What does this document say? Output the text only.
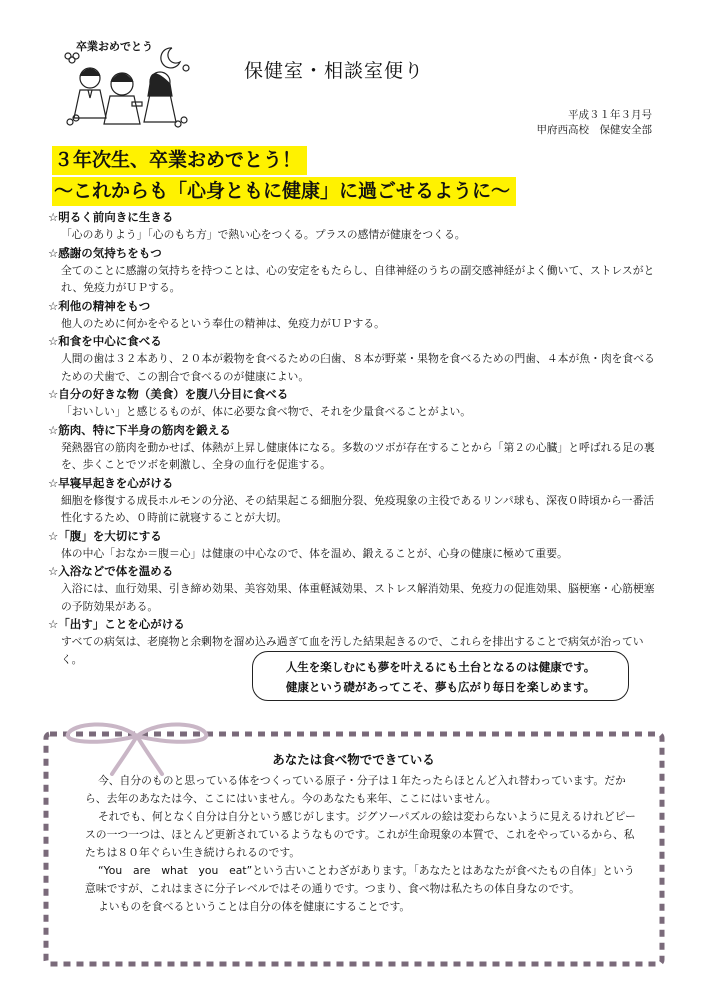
卒業おめでとう
保健室・相談室便り
平成３１年３月号
甲府西高校　保健安全部
３年次生、卒業おめでとう！
〜これからも「心身ともに健康」に過ごせるように〜
☆明るく前向きに生きる
「心のありよう」「心のもち方」で熱い心をつくる。プラスの感情が健康をつくる。
☆感謝の気持ちをもつ
全てのことに感謝の気持ちを持つことは、心の安定をもたらし、自律神経のうちの副交感神経がよく働いて、ストレスがとれ、免疫力がＵＰする。
☆利他の精神をもつ
他人のために何かをやるという奉仕の精神は、免疫力がＵＰする。
☆和食を中心に食べる
人間の歯は３２本あり、２０本が穀物を食べるための臼歯、８本が野菜・果物を食べるための門歯、４本が魚・肉を食べるための犬歯で、この割合で食べるのが健康によい。
☆自分の好きな物（美食）を腹八分目に食べる
「おいしい」と感じるものが、体に必要な食べ物で、それを少量食べることがよい。
☆筋肉、特に下半身の筋肉を鍛える
発熱器官の筋肉を動かせば、体熱が上昇し健康体になる。多数のツボが存在することから「第２の心臓」と呼ばれる足の裏を、歩くことでツボを刺激し、全身の血行を促進する。
☆早寝早起きを心がける
細胞を修復する成長ホルモンの分泌、その結果起こる細胞分裂、免疫現象の主役であるリンパ球も、深夜０時頃から一番活性化するため、０時前に就寝することが大切。
☆「腹」を大切にする
体の中心「おなか＝腹＝心」は健康の中心なので、体を温め、鍛えることが、心身の健康に極めて重要。
☆入浴などで体を温める
入浴には、血行効果、引き締め効果、美容効果、体重軽減効果、ストレス解消効果、免疫力の促進効果、脳梗塞・心筋梗塞の予防効果がある。
☆「出す」ことを心がける
すべての病気は、老廃物と余剰物を溜め込み過ぎて血を汚した結果起きるので、これらを排出することで病気が治っていく。
人生を楽しむにも夢を叶えるにも土台となるのは健康です。
健康という礎があってこそ、夢も広がり毎日を楽しめます。
あなたは食べ物でできている

今、自分のものと思っている体をつくっている原子・分子は１年たったらほとんど入れ替わっています。だから、去年のあなたは今、ここにはいません。今のあなたも来年、ここにはいません。

それでも、何となく自分は自分という感じがします。ジグソーパズルの絵は変わらないように見えるけれどピースの一つ一つは、ほとんど更新されているようなものです。これが生命現象の本質で、これをやっているから、私たちは８０年ぐらい生き続けられるのです。

“You　are　what　you　eat”という古いことわざがあります。「あなたとはあなたが食べたもの自体」という意味ですが、これはまさに分子レベルではその通りです。つまり、食べ物は私たちの体自身なのです。

よいものを食べるということは自分の体を健康にすることです。
